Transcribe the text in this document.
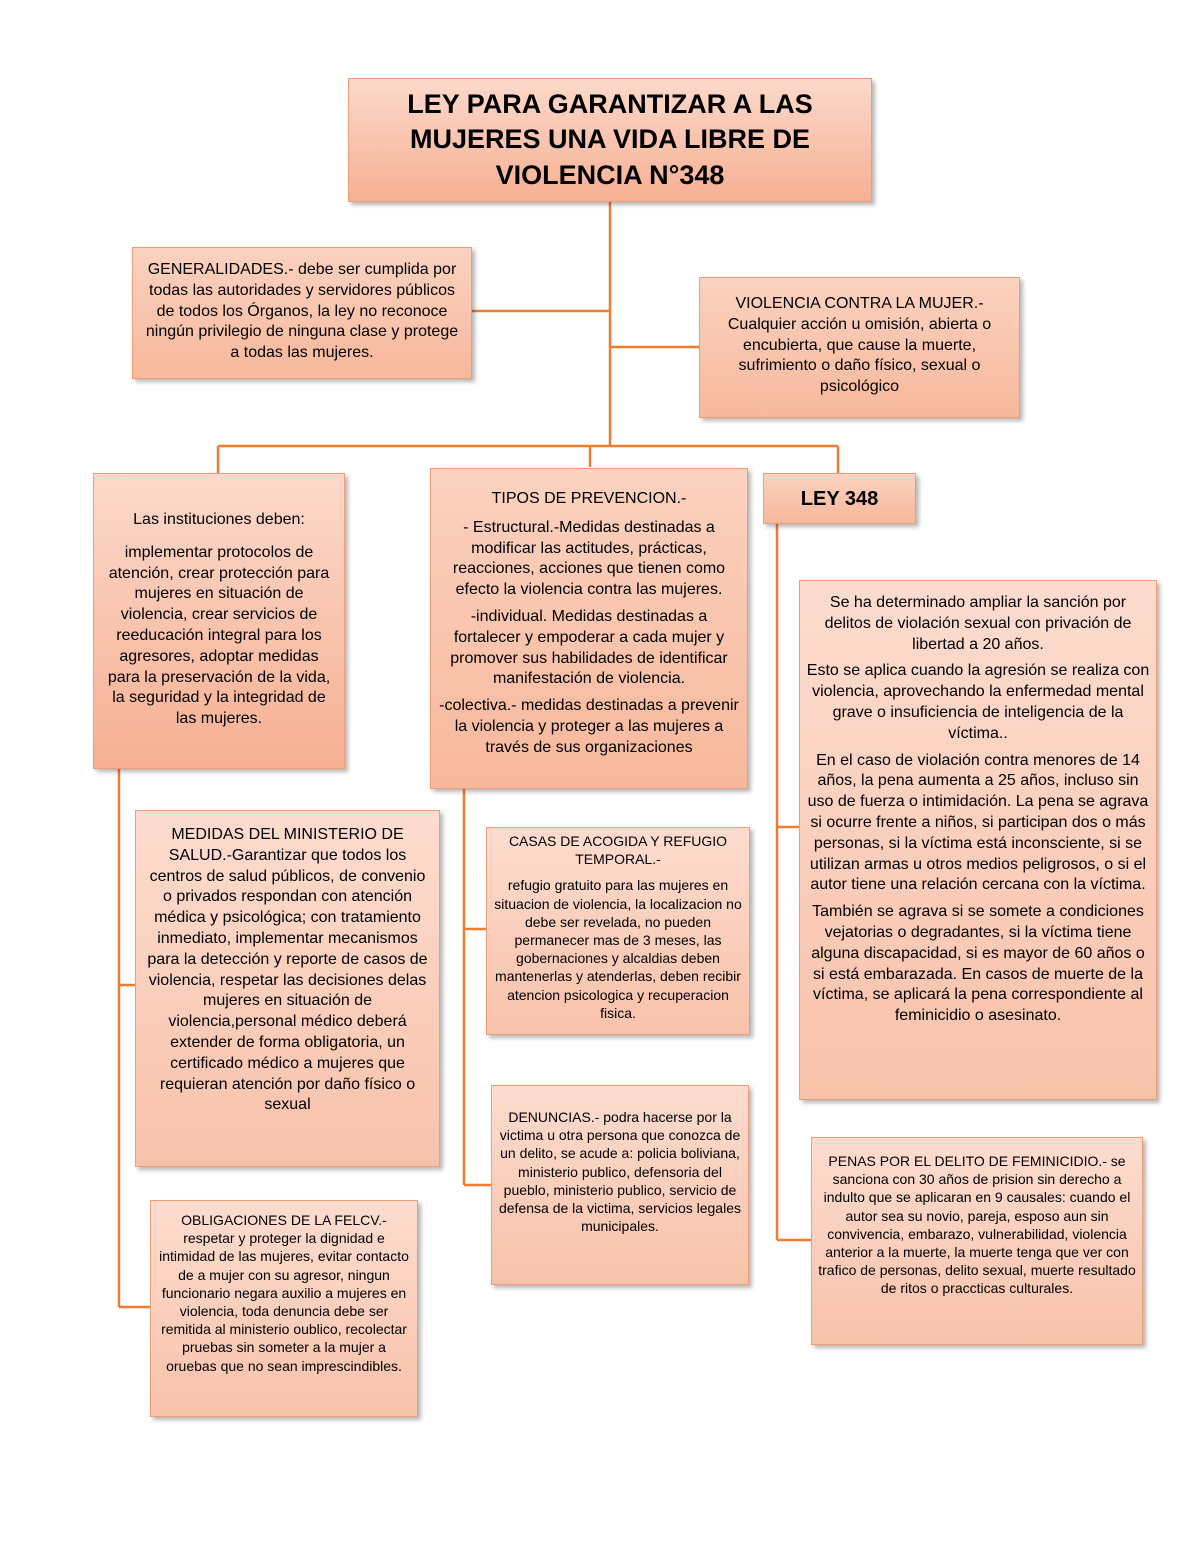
LEY PARA GARANTIZAR A LAS MUJERES UNA VIDA LIBRE DE VIOLENCIA N°348
GENERALIDADES.- debe ser cumplida por todas las autoridades y servidores públicos de todos los Órganos, la ley no reconoce ningún privilegio de ninguna clase y protege a todas las mujeres.
VIOLENCIA CONTRA LA MUJER.- Cualquier acción u omisión, abierta o encubierta, que cause la muerte, sufrimiento o daño físico, sexual o psicológico

Las instituciones deben:

implementar protocolos de atención, crear protección para mujeres en situación de violencia, crear servicios de reeducación integral para los agresores, adoptar medidas para la preservación de la vida, la seguridad y la integridad de las mujeres.

TIPOS DE PREVENCION.-

- Estructural.-Medidas destinadas a modificar las actitudes, prácticas, reacciones, acciones que tienen como efecto la violencia contra las mujeres.

-individual. Medidas destinadas a fortalecer y empoderar a cada mujer y promover sus habilidades de identificar manifestación de violencia.

-colectiva.- medidas destinadas a prevenir la violencia y proteger a las mujeres a través de sus organizaciones

LEY 348

Se ha determinado ampliar la sanción por delitos de violación sexual con privación de libertad a 20 años.

Esto se aplica cuando la agresión se realiza con violencia, aprovechando la enfermedad mental grave o insuficiencia de inteligencia de la víctima..

En el caso de violación contra menores de 14 años, la pena aumenta a 25 años, incluso sin uso de fuerza o intimidación. La pena se agrava si ocurre frente a niños, si participan dos o más personas, si la víctima está inconsciente, si se utilizan armas u otros medios peligrosos, o si el autor tiene una relación cercana con la víctima.

También se agrava si se somete a condiciones vejatorias o degradantes, si la víctima tiene alguna discapacidad, si es mayor de 60 años o si está embarazada. En casos de muerte de la víctima, se aplicará la pena correspondiente al feminicidio o asesinato.

MEDIDAS DEL MINISTERIO DE SALUD.-Garantizar que todos los centros de salud públicos, de convenio o privados respondan con atención médica y psicológica; con tratamiento inmediato, implementar mecanismos para la detección y reporte de casos de violencia, respetar las decisiones delas mujeres en situación de violencia,personal médico deberá extender de forma obligatoria, un certificado médico a mujeres que requieran atención por daño físico o sexual

CASAS DE ACOGIDA Y REFUGIO TEMPORAL.-

refugio gratuito para las mujeres en situacion de violencia, la localizacion no debe ser revelada, no pueden permanecer mas de 3 meses, las gobernaciones y alcaldias deben mantenerlas y atenderlas, deben recibir atencion psicologica y recuperacion fisica.

DENUNCIAS.- podra hacerse por la victima u otra persona que conozca de un delito, se acude a: policia boliviana, ministerio publico, defensoria del pueblo, ministerio publico, servicio de defensa de la victima, servicios legales municipales.
PENAS POR EL DELITO DE FEMINICIDIO.- se sanciona con 30 años de prision sin derecho a indulto que se aplicaran en 9 causales: cuando el autor sea su novio, pareja, esposo aun sin convivencia, embarazo, vulnerabilidad, violencia anterior a la muerte, la muerte tenga que ver con trafico de personas, delito sexual, muerte resultado de ritos o praccticas culturales.

OBLIGACIONES DE LA FELCV.-

respetar y proteger la dignidad e intimidad de las mujeres, evitar contacto de a mujer con su agresor, ningun funcionario negara auxilio a mujeres en violencia, toda denuncia debe ser remitida al ministerio oublico, recolectar pruebas sin someter a la mujer a oruebas que no sean imprescindibles.
